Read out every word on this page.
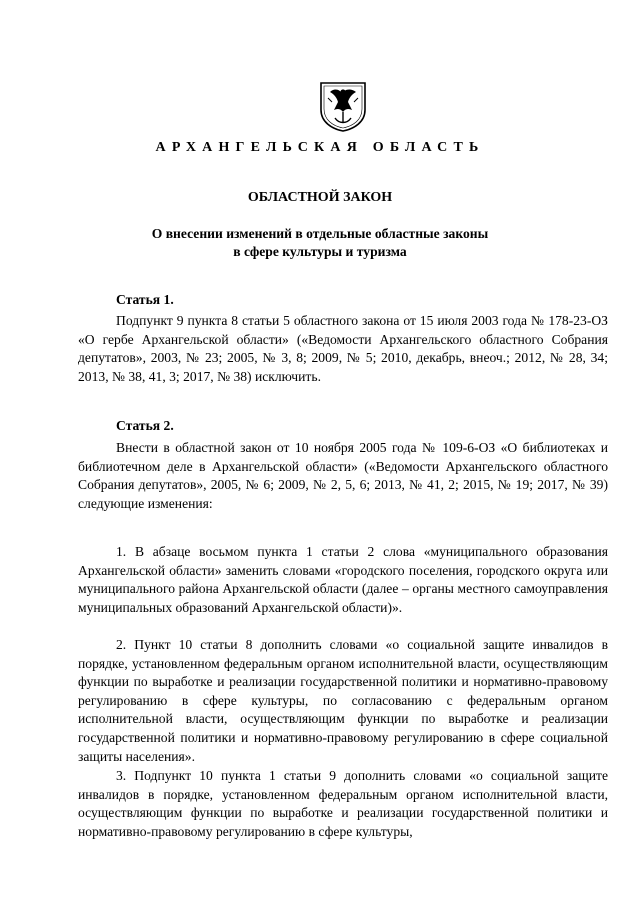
АРХАНГЕЛЬСКАЯ ОБЛАСТЬ
ОБЛАСТНОЙ ЗАКОН
О внесении изменений в отдельные областные законы
в сфере культуры и туризма
Статья 1.

Подпункт 9 пункта 8 статьи 5 областного закона от 15 июля 2003 года № 178-23-ОЗ «О гербе Архангельской области» («Ведомости Архангельского областного Собрания депутатов», 2003, № 23; 2005, № 3, 8; 2009, № 5; 2010, декабрь, внеоч.; 2012, № 28, 34; 2013, № 38, 41, 3; 2017, № 38) исключить.

Статья 2.

Внести в областной закон от 10 ноября 2005 года № 109-6-ОЗ «О библиотеках и библиотечном деле в Архангельской области» («Ведомости Архангельского областного Собрания депутатов», 2005, № 6; 2009, № 2, 5, 6; 2013, № 41, 2; 2015, № 19; 2017, № 39) следующие изменения:

1. В абзаце восьмом пункта 1 статьи 2 слова «муниципального образования Архангельской области» заменить словами «городского поселения, городского округа или муниципального района Архангельской области (далее – органы местного самоуправления муниципальных образований Архангельской области)».

2. Пункт 10 статьи 8 дополнить словами «о социальной защите инвалидов в порядке, установленном федеральным органом исполнительной власти, осуществляющим функции по выработке и реализации государственной политики и нормативно-правовому регулированию в сфере культуры, по согласованию с федеральным органом исполнительной власти, осуществляющим функции по выработке и реализации государственной политики и нормативно-правовому регулированию в сфере социальной защиты населения».

3. Подпункт 10 пункта 1 статьи 9 дополнить словами «о социальной защите инвалидов в порядке, установленном федеральным органом исполнительной власти, осуществляющим функции по выработке и реализации государственной политики и нормативно-правовому регулированию в сфере культуры,
